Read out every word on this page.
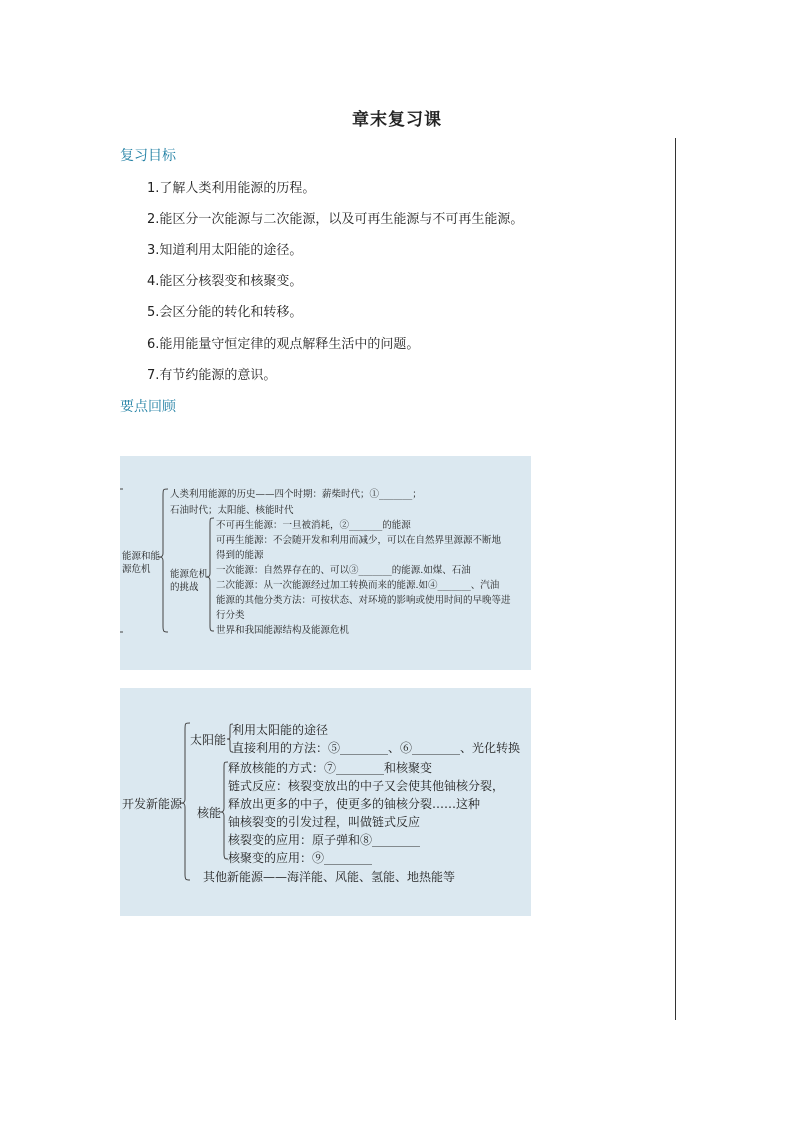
章末复习课
复习目标
1.了解人类利用能源的历程。
2.能区分一次能源与二次能源，以及可再生能源与不可再生能源。
3.知道利用太阳能的途径。
4.能区分核裂变和核聚变。
5.会区分能的转化和转移。
6.能用能量守恒定律的观点解释生活中的问题。
7.有节约能源的意识。
要点回顾
能源和能
源危机
人类利用能源的历史——四个时期：薪柴时代；①_______；
石油时代；太阳能、核能时代
能源危机
的挑战
不可再生能源：一旦被消耗，②_______的能源
可再生能源：不会随开发和利用而减少，可以在自然界里源源不断地
得到的能源
一次能源：自然界存在的、可以③_______的能源.如煤、石油
二次能源：从一次能源经过加工转换而来的能源.如④_______、汽油
能源的其他分类方法：可按状态、对环境的影响或使用时间的早晚等进
行分类
世界和我国能源结构及能源危机
开发新能源
太阳能
利用太阳能的途径
直接利用的方法：⑤________、⑥________、光化转换
核能
释放核能的方式：⑦________和核聚变
链式反应：核裂变放出的中子又会使其他铀核分裂，
释放出更多的中子，使更多的铀核分裂……这种
铀核裂变的引发过程，叫做链式反应
核裂变的应用：原子弹和⑧________
核聚变的应用：⑨________
其他新能源——海洋能、风能、氢能、地热能等
